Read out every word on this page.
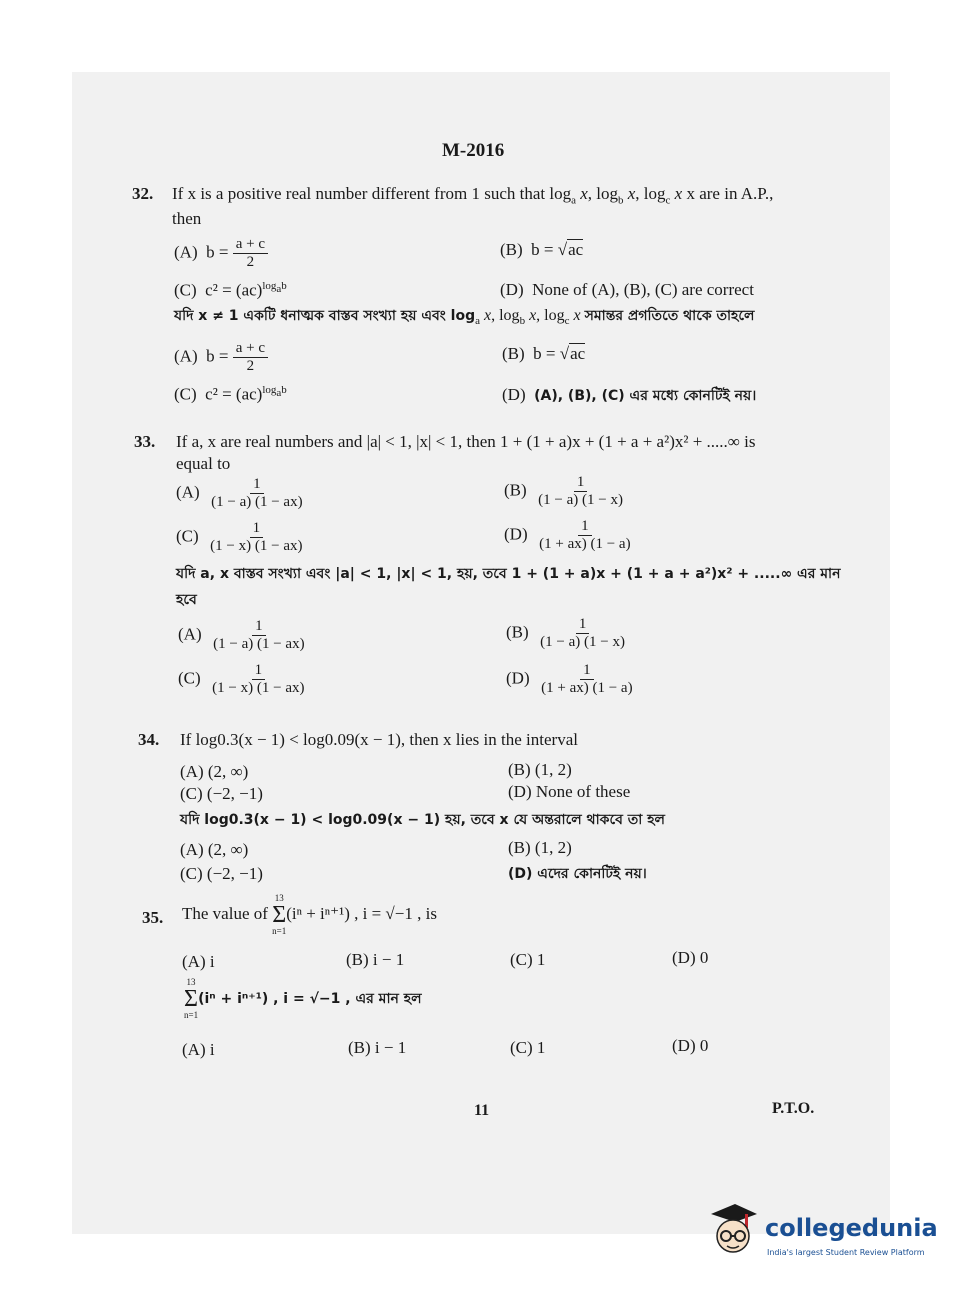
M-2016
32. If x is a positive real number different from 1 such that $\log_a x$, $\log_b x$, $\log_c x$ x are in A.P.,
then
(A) $b = \frac{a + c}{2}$	(B) b = √ac
(C) c² = (ac)$^{log_ab}$	(D) None of (A), (B), (C) are correct
যদি x ≠ 1 একটি ধনাত্মক বাস্তব সংখ্যা হয় এবং $\log_a x$, $\log_b x$, $\log_c x$ সমান্তর প্রগতিতে থাকে তাহলে
(A) $b = \frac{a + c}{2}$	(B) b = √ac
(C) c² = (ac)$^{log_ab}$	(D) (A), (B), (C) এর মধ্যে কোনটিই নয়।
33. If a, x are real numbers and |a| < 1, |x| < 1, then 1 + (1 + a)x + (1 + a + a²)x² + .....∞ is
equal to
$(A) \frac{1}{(1 - a) (1 - ax)}$	$(B) \frac{1}{(1 - a) (1 - x)}$
$(C) \frac{1}{(1 - x) (1 - ax)}$	$(D) \frac{1}{(1 + ax) (1 - a)}$
যদি a, x বাস্তব সংখ্যা এবং |a| < 1, |x| < 1, হয়, তবে 1 + (1 + a)x + (1 + a + a²)x² + .....∞ এর মান
হবে
$(A) \frac{1}{(1 - a) (1 - ax)}$	$(B) \frac{1}{(1 - a) (1 - x)}$
$(C) \frac{1}{(1 - x) (1 - ax)}$	$(D) \frac{1}{(1 + ax) (1 - a)}$
34. If log0.3(x − 1) < log0.09(x − 1), then x lies in the interval
(A) (2, ∞)	(B) (1, 2)
(C) (−2, −1)	(D) None of these
যদি log0.3(x − 1) < log0.09(x − 1) হয়, তবে x যে অন্তরালে থাকবে তা হল
(A) (2, ∞)	(B) (1, 2)
(C) (−2, −1)	(D) এদের কোনটিই নয়।
35. The value of
13
Σ
n=1
(iⁿ + iⁿ⁺¹) , i = √−1 , is
(A) i	(B) i − 1	(C) 1	(D) 0
13
Σ
n=1
(iⁿ + iⁿ⁺¹) , i = √−1 , এর মান হল
(A) i	(B) i − 1	(C) 1	(D) 0
11	P.T.O.
collegedunia
India's largest Student Review Platform
